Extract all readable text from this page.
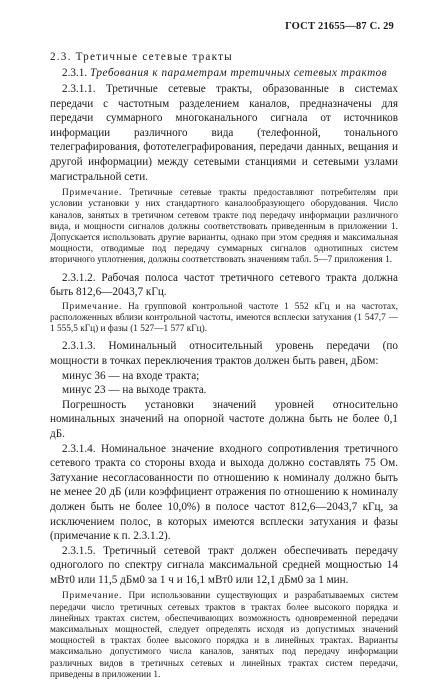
ГОСТ 21655—87 С. 29

2.3. Третичные сетевые тракты

2.3.1. Требования к параметрам третичных сетевых трактов

2.3.1.1. Третичные сетевые тракты, образованные в системах передачи с частотным разделением каналов, предназначены для передачи суммарного многоканального сигнала от источников информации различного вида (телефонной, тонального телеграфирования, фототелеграфирования, передачи данных, вещания и другой информации) между сетевыми станциями и сетевыми узлами магистральной сети.

Примечание. Третичные сетевые тракты предоставляют потребителям при условии установки у них стандартного каналообразующего оборудования. Число каналов, занятых в третичном сетевом тракте под передачу информации различного вида, и мощности сигналов должны соответствовать приведенным в приложении 1. Допускается использовать другие варианты, однако при этом средняя и максимальная мощности, отводимые под передачу суммарных сигналов однотипных систем вторичного уплотнения, должны соответствовать значениям табл. 5—7 приложения 1.

2.3.1.2. Рабочая полоса частот третичного сетевого тракта должна быть 812,6—2043,7 кГц.

Примечание. На групповой контрольной частоте 1 552 кГц и на частотах, расположенных вблизи контрольной частоты, имеются всплески затухания (1 547,7 — 1 555,5 кГц) и фазы (1 527—1 577 кГц).

2.3.1.3. Номинальный относительный уровень передачи (по мощности в точках переключения трактов должен быть равен, дБом:

минус 36 — на входе тракта;

минус 23 — на выходе тракта.

Погрешность установки значений уровней относительно номинальных значений на опорной частоте должна быть не более 0,1 дБ.

2.3.1.4. Номинальное значение входного сопротивления третичного сетевого тракта со стороны входа и выхода должно составлять 75 Ом. Затухание несогласованности по отношению к номиналу должно быть не менее 20 дБ (или коэффициент отражения по отношению к номиналу должен быть не более 10,0%) в полосе частот 812,6—2043,7 кГц, за исключением полос, в которых имеются всплески затухания и фазы (примечание к п. 2.3.1.2).

2.3.1.5. Третичный сетевой тракт должен обеспечивать передачу одноголого по спектру сигнала максимальной средней мощностью 14 мВт0 или 11,5 дБм0 за 1 ч и 16,1 мВт0 или 12,1 дБм0 за 1 мин.

Примечание. При использовании существующих и разрабатываемых систем передачи число третичных сетевых трактов в трактах более высокого порядка и линейных трактах систем, обеспечивающих возможность одновременной передачи максимальных мощностей, следует определять исходя из допустимых значений мощностей в трактах более высокого порядка и в линейных трактах. Варианты максимально допустимого числа каналов, занятых под передачу информации различных видов в третичных сетевых и линейных трактах систем передачи, приведены в приложении 1.
